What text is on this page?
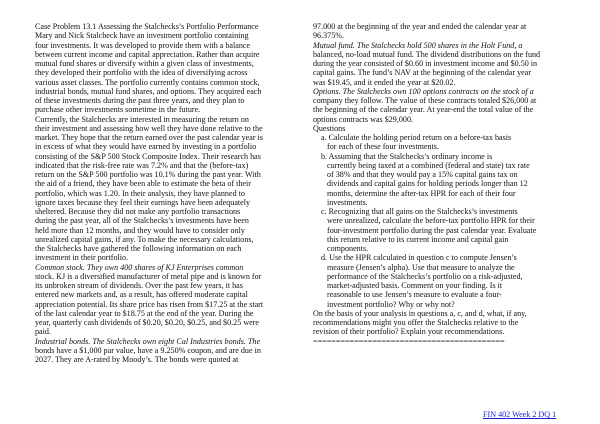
Case Problem 13.1 Assessing the Stalchecks’s Portfolio Performance
Mary and Nick Stalcheck have an investment portfolio containing
four investments. It was developed to provide them with a balance
between current income and capital appreciation. Rather than acquire
mutual fund shares or diversify within a given class of investments,
they developed their portfolio with the idea of diversifying across
various asset classes. The portfolio currently contains common stock,
industrial bonds, mutual fund shares, and options. They acquired each
of these investments during the past three years, and they plan to
purchase other investments sometime in the future.
Currently, the Stalchecks are interested in measuring the return on
their investment and assessing how well they have done relative to the
market. They hope that the return earned over the past calendar year is
in excess of what they would have earned by investing in a portfolio
consisting of the S&P 500 Stock Composite Index. Their research has
indicated that the risk-free rate was 7.2% and that the (before-tax)
return on the S&P 500 portfolio was 10.1% during the past year. With
the aid of a friend, they have been able to estimate the beta of their
portfolio, which was 1.20. In their analysis, they have planned to
ignore taxes because they feel their earnings have been adequately
sheltered. Because they did not make any portfolio transactions
during the past year, all of the Stalchecks’s investments have been
held more than 12 months, and they would have to consider only
unrealized capital gains, if any. To make the necessary calculations,
the Stalchecks have gathered the following information on each
investment in their portfolio.
Common stock. They own 400 shares of KJ Enterprises common
stock. KJ is a diversified manufacturer of metal pipe and is known for
its unbroken stream of dividends. Over the past few years, it has
entered new markets and, as a result, has offered moderate capital
appreciation potential. Its share price has risen from $17.25 at the start
of the last calendar year to $18.75 at the end of the year. During the
year, quarterly cash dividends of $0.20, $0.20, $0.25, and $0.25 were
paid.
Industrial bonds. The Stalchecks own eight Cal Industries bonds. The
bonds have a $1,000 par value, have a 9.250% coupon, and are due in
2027. They are A-rated by Moody’s. The bonds were quoted at
97.000 at the beginning of the year and ended the calendar year at
96.375%.
Mutual fund. The Stalchecks hold 500 shares in the Holt Fund, a
balanced, no-load mutual fund. The dividend distributions on the fund
during the year consisted of $0.60 in investment income and $0.50 in
capital gains. The fund’s NAV at the beginning of the calendar year
was $19.45, and it ended the year at $20.02.
Options. The Stalchecks own 100 options contracts on the stock of a
company they follow. The value of these contracts totaled $26,000 at
the beginning of the calendar year. At year-end the total value of the
options contracts was $29,000.
Questions
a. Calculate the holding period return on a before-tax basis
for each of these four investments.
b. Assuming that the Stalchecks’s ordinary income is
currently being taxed at a combined (federal and state) tax rate
of 38% and that they would pay a 15% capital gains tax on
dividends and capital gains for holding periods longer than 12
months, determine the after-tax HPR for each of their four
investments.
c. Recognizing that all gains on the Stalchecks’s investments
were unrealized, calculate the before-tax portfolio HPR for their
four-investment portfolio during the past calendar year. Evaluate
this return relative to its current income and capital gain
components.
d. Use the HPR calculated in question c to compute Jensen’s
measure (Jensen’s alpha). Use that measure to analyze the
performance of the Stalchecks’s portfolio on a risk-adjusted,
market-adjusted basis. Comment on your finding. Is it
reasonable to use Jensen’s measure to evaluate a four-
investment portfolio? Why or why not?
On the basis of your analysis in questions a, c, and d, what, if any,
recommendations might you offer the Stalchecks relative to the
revision of their portfolio? Explain your recommendations.
==========================================
FIN 402 Week 2 DQ 1
